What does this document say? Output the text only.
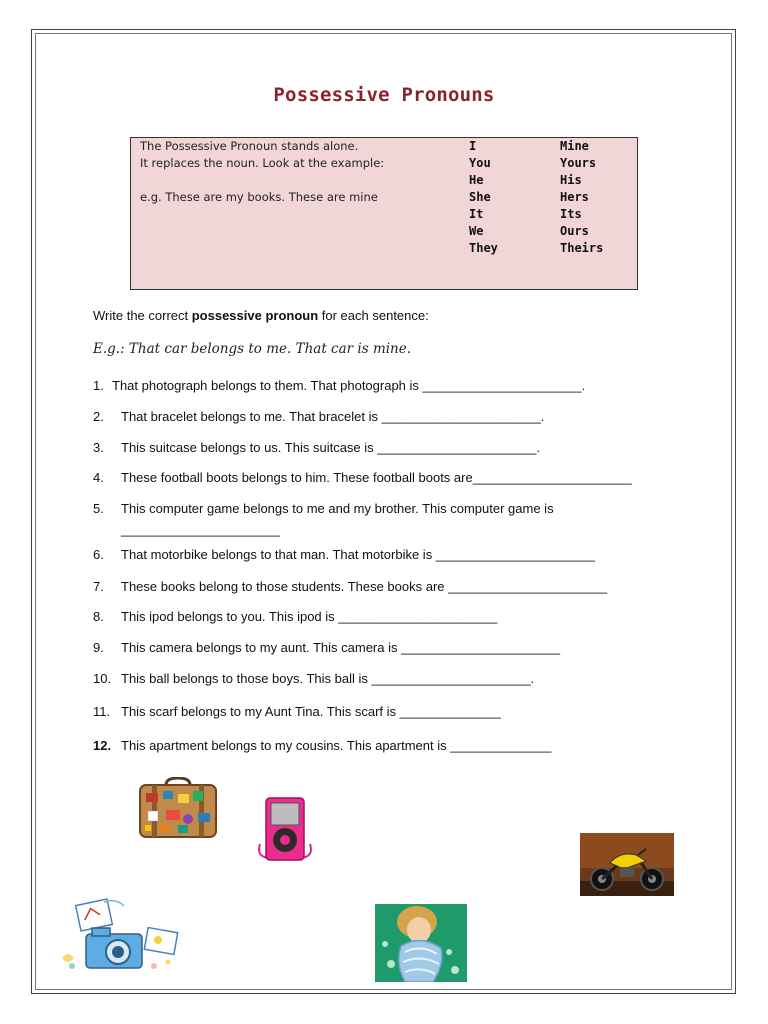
Possessive Pronouns
The Possessive Pronoun stands alone.
It replaces the noun. Look at the example:
e.g. These are my books. These are mine
I
You
He
She
It
We
They
Mine
Yours
His
Hers
Its
Ours
Theirs
Write the correct possessive pronoun for each sentence:
E.g.: That car belongs to me. That car is mine.
1. That photograph belongs to them. That photograph is ______________________.
2. That bracelet belongs to me. That bracelet is ______________________.
3. This suitcase belongs to us. This suitcase is ______________________.
4. These football boots belongs to him. These football boots are______________________
5. This computer game belongs to me and my brother. This computer game is
______________________
6. That motorbike belongs to that man. That motorbike is ______________________
7. These books belong to those students. These books are ______________________
8. This ipod belongs to you. This ipod is ______________________
9. This camera belongs to my aunt. This camera is ______________________
10. This ball belongs to those boys. This ball is ______________________.
11. This scarf belongs to my Aunt Tina. This scarf is ______________
12. This apartment belongs to my cousins. This apartment is ______________
